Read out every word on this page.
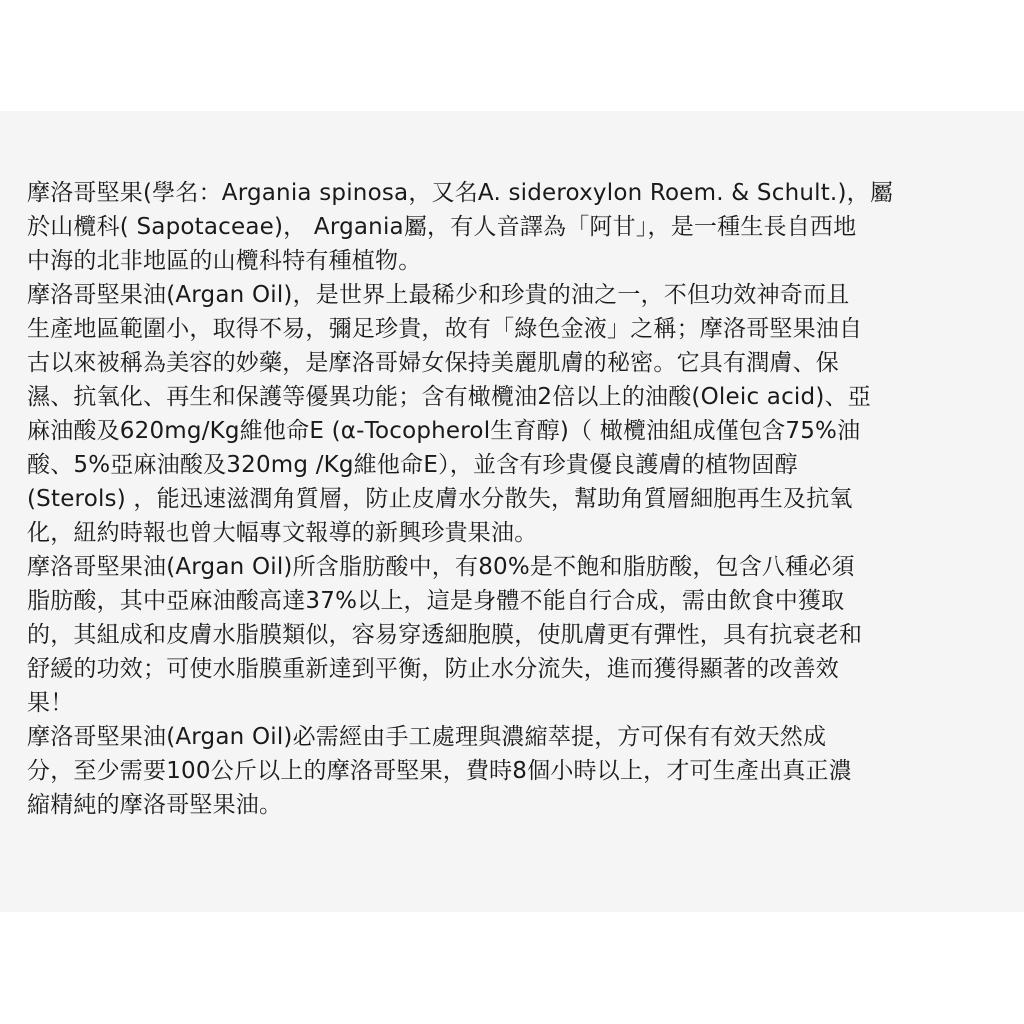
摩洛哥堅果(學名：Argania spinosa，又名A. sideroxylon Roem. & Schult.)，屬
於山欖科( Sapotaceae)， Argania屬，有人音譯為「阿甘」，是一種生長自西地
中海的北非地區的山欖科特有種植物。
摩洛哥堅果油(Argan Oil)，是世界上最稀少和珍貴的油之一，不但功效神奇而且
生產地區範圍小，取得不易，彌足珍貴，故有「綠色金液」之稱；摩洛哥堅果油自
古以來被稱為美容的妙藥，是摩洛哥婦女保持美麗肌膚的秘密。它具有潤膚、保
濕、抗氧化、再生和保護等優異功能；含有橄欖油2倍以上的油酸(Oleic acid)、亞
麻油酸及620mg/Kg維他命E (α-Tocopherol生育醇)（ 橄欖油組成僅包含75%油
酸、5%亞麻油酸及320mg /Kg維他命E），並含有珍貴優良護膚的植物固醇
(Sterols) ，能迅速滋潤角質層，防止皮膚水分散失，幫助角質層細胞再生及抗氧
化，紐約時報也曾大幅專文報導的新興珍貴果油。
摩洛哥堅果油(Argan Oil)所含脂肪酸中，有80%是不飽和脂肪酸，包含八種必須
脂肪酸，其中亞麻油酸高達37%以上，這是身體不能自行合成，需由飲食中獲取
的，其組成和皮膚水脂膜類似，容易穿透細胞膜，使肌膚更有彈性，具有抗衰老和
舒緩的功效；可使水脂膜重新達到平衡，防止水分流失，進而獲得顯著的改善效
果！
摩洛哥堅果油(Argan Oil)必需經由手工處理與濃縮萃提，方可保有有效天然成
分，至少需要100公斤以上的摩洛哥堅果，費時8個小時以上，才可生產出真正濃
縮精純的摩洛哥堅果油。
